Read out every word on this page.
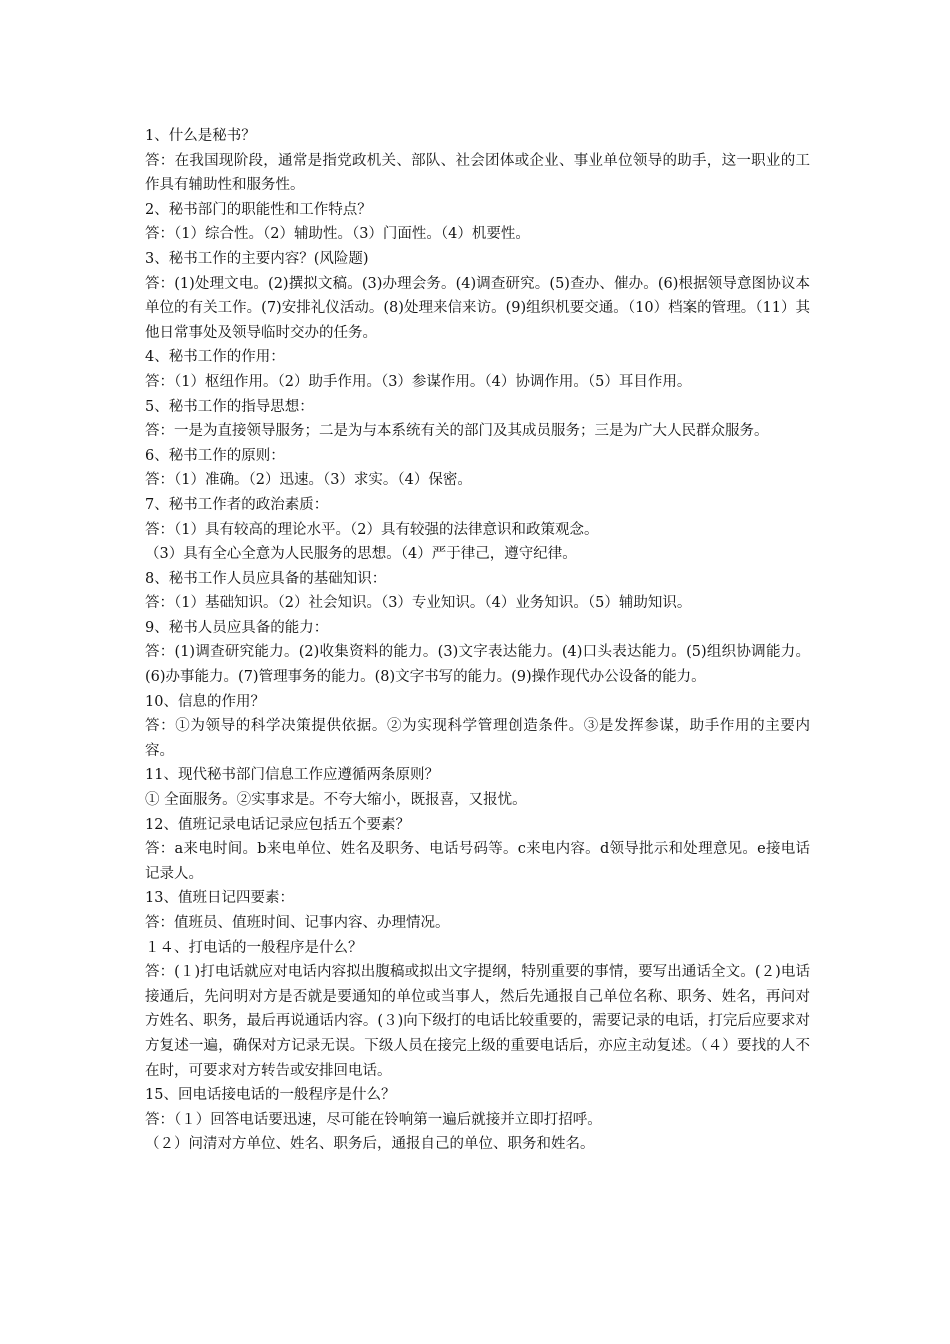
1、什么是秘书？

答：在我国现阶段，通常是指党政机关、部队、社会团体或企业、事业单位领导的助手，这一职业的工作具有辅助性和服务性。

2、秘书部门的职能性和工作特点？

答：（1）综合性。（2）辅助性。（3）门面性。（4）机要性。

3、秘书工作的主要内容？(风险题)

答：(1)处理文电。(2)撰拟文稿。(3)办理会务。(4)调查研究。(5)查办、催办。(6)根据领导意图协议本单位的有关工作。(7)安排礼仪活动。(8)处理来信来访。(9)组织机要交通。（10）档案的管理。（11）其他日常事处及领导临时交办的任务。

4、秘书工作的作用：

答：（1）枢纽作用。（2）助手作用。（3）参谋作用。（4）协调作用。（5）耳目作用。

5、秘书工作的指导思想：

答：一是为直接领导服务；二是为与本系统有关的部门及其成员服务；三是为广大人民群众服务。

6、秘书工作的原则：

答：（1）准确。（2）迅速。（3）求实。（4）保密。

7、秘书工作者的政治素质：

答：（1）具有较高的理论水平。（2）具有较强的法律意识和政策观念。

（3）具有全心全意为人民服务的思想。（4）严于律己，遵守纪律。

8、秘书工作人员应具备的基础知识：

答：（1）基础知识。（2）社会知识。（3）专业知识。（4）业务知识。（5）辅助知识。

9、秘书人员应具备的能力：

答：(1)调查研究能力。(2)收集资料的能力。(3)文字表达能力。(4)口头表达能力。(5)组织协调能力。(6)办事能力。(7)管理事务的能力。(8)文字书写的能力。(9)操作现代办公设备的能力。

10、信息的作用？

答：①为领导的科学决策提供依据。②为实现科学管理创造条件。③是发挥参谋，助手作用的主要内容。

11、现代秘书部门信息工作应遵循两条原则？

① 全面服务。②实事求是。不夸大缩小，既报喜，又报忧。

12、值班记录电话记录应包括五个要素？

答：a来电时间。b来电单位、姓名及职务、电话号码等。c来电内容。d领导批示和处理意见。e接电话记录人。

13、值班日记四要素：

答：值班员、值班时间、记事内容、办理情况。

１４、打电话的一般程序是什么？

答：(１)打电话就应对电话内容拟出腹稿或拟出文字提纲，特别重要的事情，要写出通话全文。(２)电话接通后，先问明对方是否就是要通知的单位或当事人，然后先通报自己单位名称、职务、姓名，再问对方姓名、职务，最后再说通话内容。(３)向下级打的电话比较重要的，需要记录的电话，打完后应要求对方复述一遍，确保对方记录无误。下级人员在接完上级的重要电话后，亦应主动复述。（４）要找的人不在时，可要求对方转告或安排回电话。

15、回电话接电话的一般程序是什么？

答：（１）回答电话要迅速，尽可能在铃响第一遍后就接并立即打招呼。

（２）问清对方单位、姓名、职务后，通报自己的单位、职务和姓名。
